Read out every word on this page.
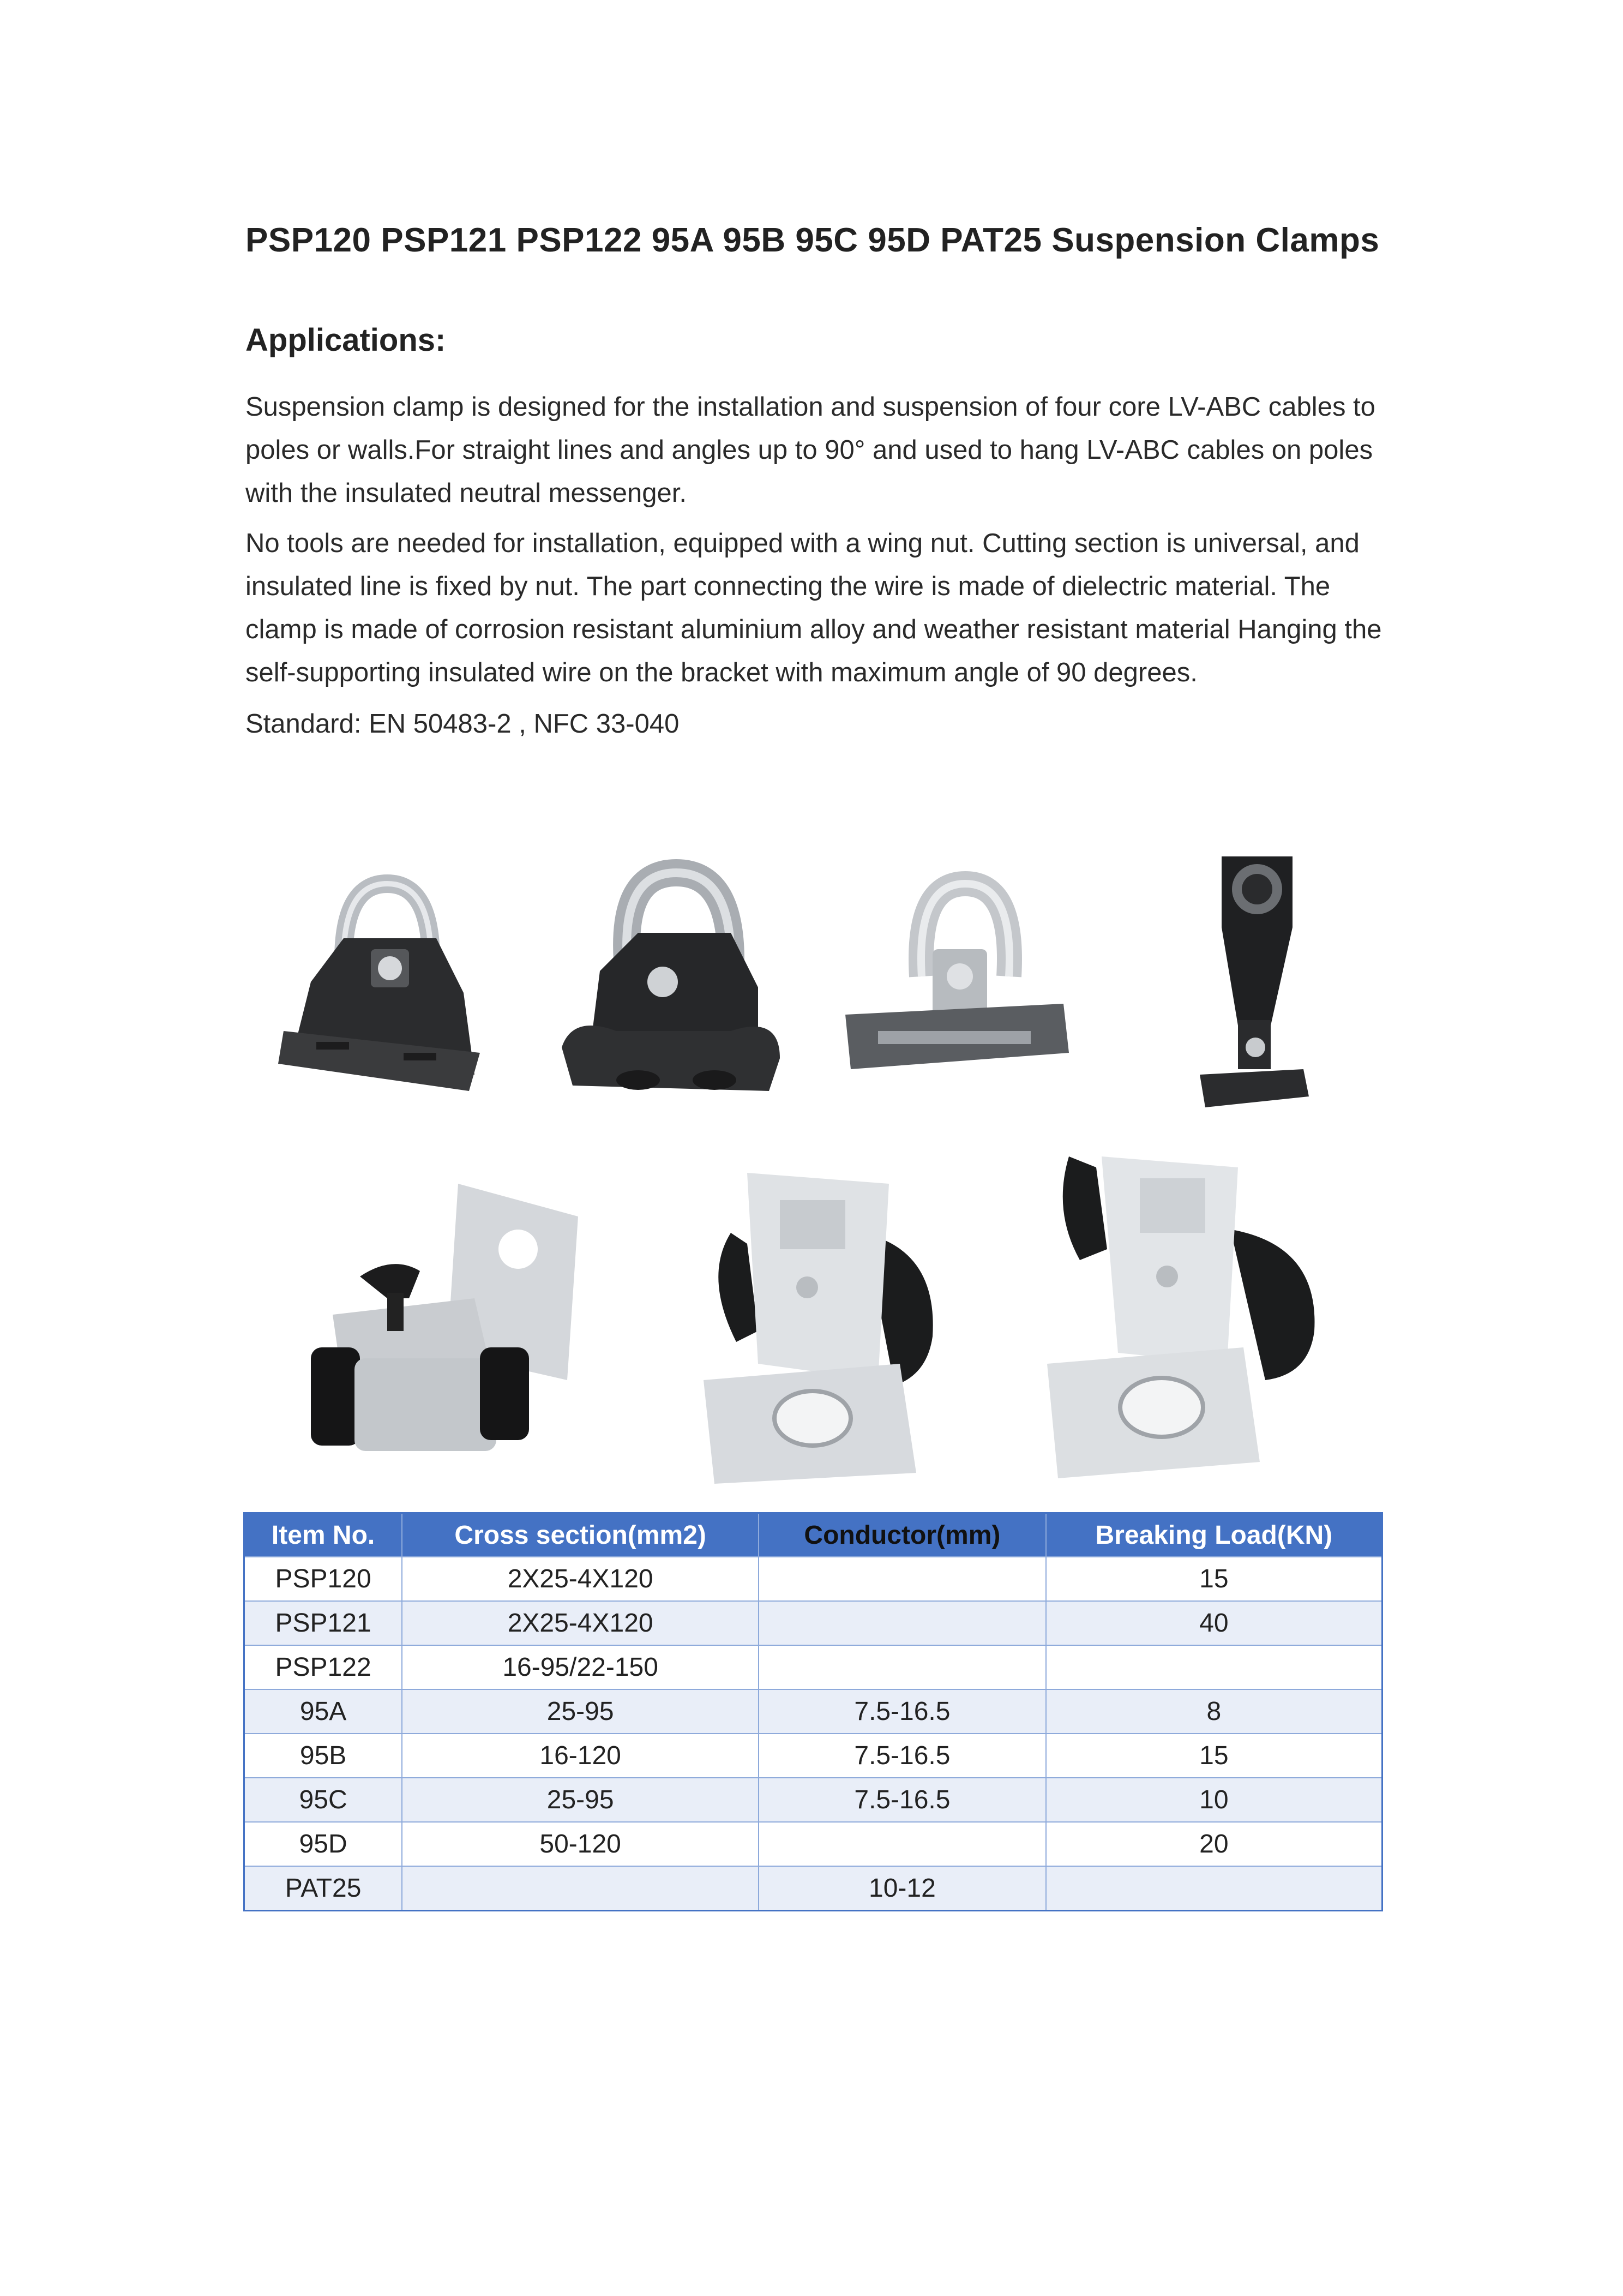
PSP120 PSP121 PSP122 95A 95B 95C 95D PAT25 Suspension Clamps
Applications:
Suspension clamp is designed for the installation and suspension of four core LV-ABC cables to poles or walls.For straight lines and angles up to 90° and used to hang LV-ABC cables on poles with the insulated neutral messenger.
No tools are needed for installation, equipped with a wing nut. Cutting section is universal, and insulated line is fixed by nut. The part connecting the wire is made of dielectric material. The clamp is made of corrosion resistant aluminium alloy and weather resistant material Hanging the self-supporting insulated wire on the bracket with maximum angle of 90 degrees.
Standard: EN 50483-2 , NFC 33-040
Item No.	Cross section(mm2)	Conductor(mm)	Breaking Load(KN)
PSP120	2X25-4X120		15
PSP121	2X25-4X120		40
PSP122	16-95/22-150		
95A	25-95	7.5-16.5	8
95B	16-120	7.5-16.5	15
95C	25-95	7.5-16.5	10
95D	50-120		20
PAT25		10-12	
